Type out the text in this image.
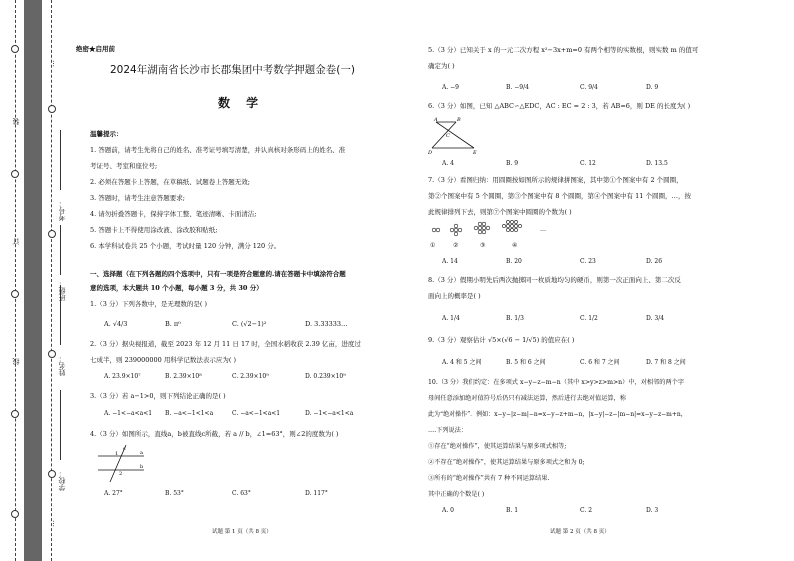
装
订
线
…
…
学校：
姓名：
班级：
考号：
绝密★启用前
2024年湖南省长沙市长郡集团中考数学押题金卷(一)
数 学
温馨提示：
1. 答题前，请考生先将自己的姓名、准考证号填写清楚，并认真核对条形码上的姓名、准
考证号、考室和座位号;
2. 必须在答题卡上答题，在草稿纸、试题卷上答题无效;
3. 答题时，请考生注意答题要求;
4. 请勿折叠答题卡，保持字体工整、笔迹清晰、卡面清洁;
5. 答题卡上不得使用涂改液、涂改胶和贴纸;
6. 本学科试卷共 25 个小题，考试时量 120 分钟，满分 120 分。
一、选择题（在下列各题的四个选项中，只有一项是符合题意的.请在答题卡中填涂符合题
意的选项，本大题共 10 个小题，每小题 3 分，共 30 分）
1.（3 分）下列各数中，是无理数的是( )
A. √4/3	B. π⁰	C. (√2−1)²	D. 3.33333…
2.（3 分）据央视报道，截至 2023 年 12 月 11 日 17 时，全国水稻收获 2.39 亿亩，进度过
七成半，则 239000000 用科学记数法表示应为( )
A. 23.9×10⁷	B. 2.39×10⁸	C. 2.39×10⁹	D. 0.239×10⁹
3.（3 分）若 a−1>0，则下列结论正确的是( )
A. −1<−a<a<1 B. −a<−1<1<a	C. −a<−1<a<1	D. −1<−a<1<a
4.（3 分）如图所示，直线a，b被直线c所截，若 a // b，∠1=63°，则∠2的度数为( )
c
1
2
a
b
A. 27°	B. 53°	C. 63°	D. 117°
试题 第 1 页（共 8 页）
5.（3 分）已知关于 x 的一元二次方程 x²−3x+m=0 有两个相等的实数根，则实数 m 的值可
确定为( )
A. −9	B. −9/4	C. 9/4	D. 9
6.（3 分）如图，已知 △ABC∽△EDC，AC : EC = 2 : 3，若 AB=6，则 DE 的长度为( )
A	B
C
D	E
A. 4	B. 9	C. 12	D. 13.5
7.（3 分）看图归纳：用圆圈按如图所示的规律拼图案，其中第①个图案中有 2 个圆圈，
第②个图案中有 5 个圆圈，第③个图案中有 8 个圆圈，第④个图案中有 11 个圆圈，…，按
此规律排列下去，则第⑦个图案中圆圈的个数为( )
①	②	③	④
…
A. 14	B. 20	C. 23	D. 26
8.（3 分）假期小明先后两次抛掷同一枚质地均匀的硬币，则第一次正面向上、第二次反
面向上的概率是( )
A. 1/4	B. 1/3	C. 1/2	D. 3/4
9.（3 分）观察估计 √5×(√6 − 1/√5) 的值应在( )
A. 4 和 5 之间	B. 5 和 6 之间	C. 6 和 7 之间	D. 7 和 8 之间
10.（3 分）我们约定：在多项式 x−y−z−m−n（其中 x>y>z>m>n）中，对相邻的两个字
母间任意添加绝对值符号后仍只有减法运算，然后进行去绝对值运算，称
此为“绝对操作”．例如：x−y−|z−m|−n=x−y−z+m−n，|x−y|−z−|m−n|=x−y−z−m+n，
….下列说法：
①存在“绝对操作”，使其运算结果与原多项式相等;
②不存在“绝对操作”，使其运算结果与原多项式之和为 0;
③所有的“绝对操作”共有 7 种不同运算结果.
其中正确的个数是( )
A. 0	B. 1	C. 2	D. 3
试题 第 2 页（共 8 页）
